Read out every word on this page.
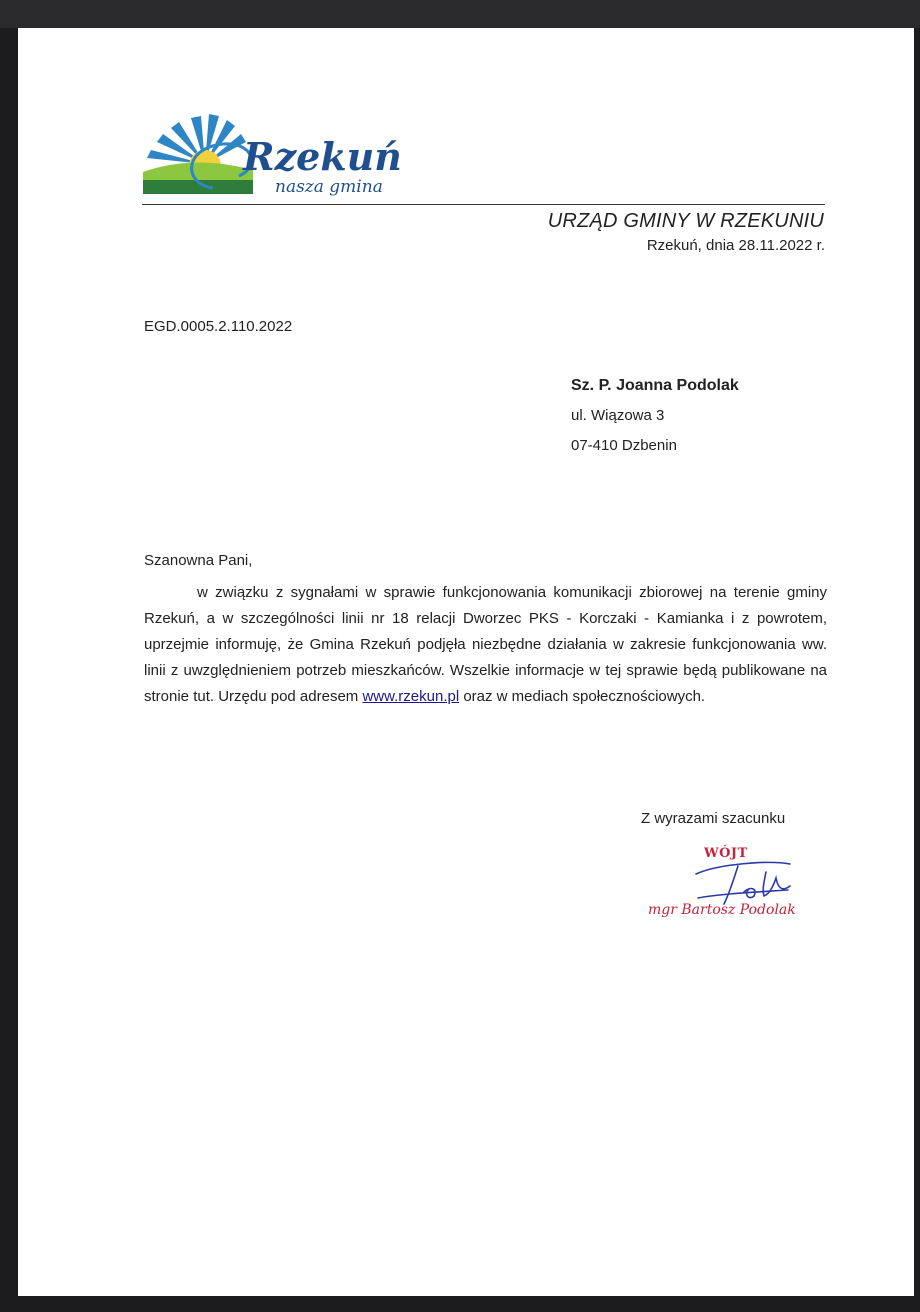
Rzekuń
nasza gmina
URZĄD GMINY W RZEKUNIU
Rzekuń, dnia 28.11.2022 r.
EGD.0005.2.110.2022
Sz. P. Joanna Podolak
ul. Wiązowa 3
07-410 Dzbenin
Szanowna Pani,

w związku z sygnałami w sprawie funkcjonowania komunikacji zbiorowej na terenie gminy Rzekuń, a w szczególności linii nr 18 relacji Dworzec PKS - Korczaki - Kamianka i z powrotem, uprzejmie informuję, że Gmina Rzekuń podjęła niezbędne działania w zakresie funkcjonowania ww. linii z uwzględnieniem potrzeb mieszkańców. Wszelkie informacje w tej sprawie będą publikowane na stronie tut. Urzędu pod adresem www.rzekun.pl oraz w mediach społecznościowych.

Z wyrazami szacunku
WÓJT
mgr Bartosz Podolak
